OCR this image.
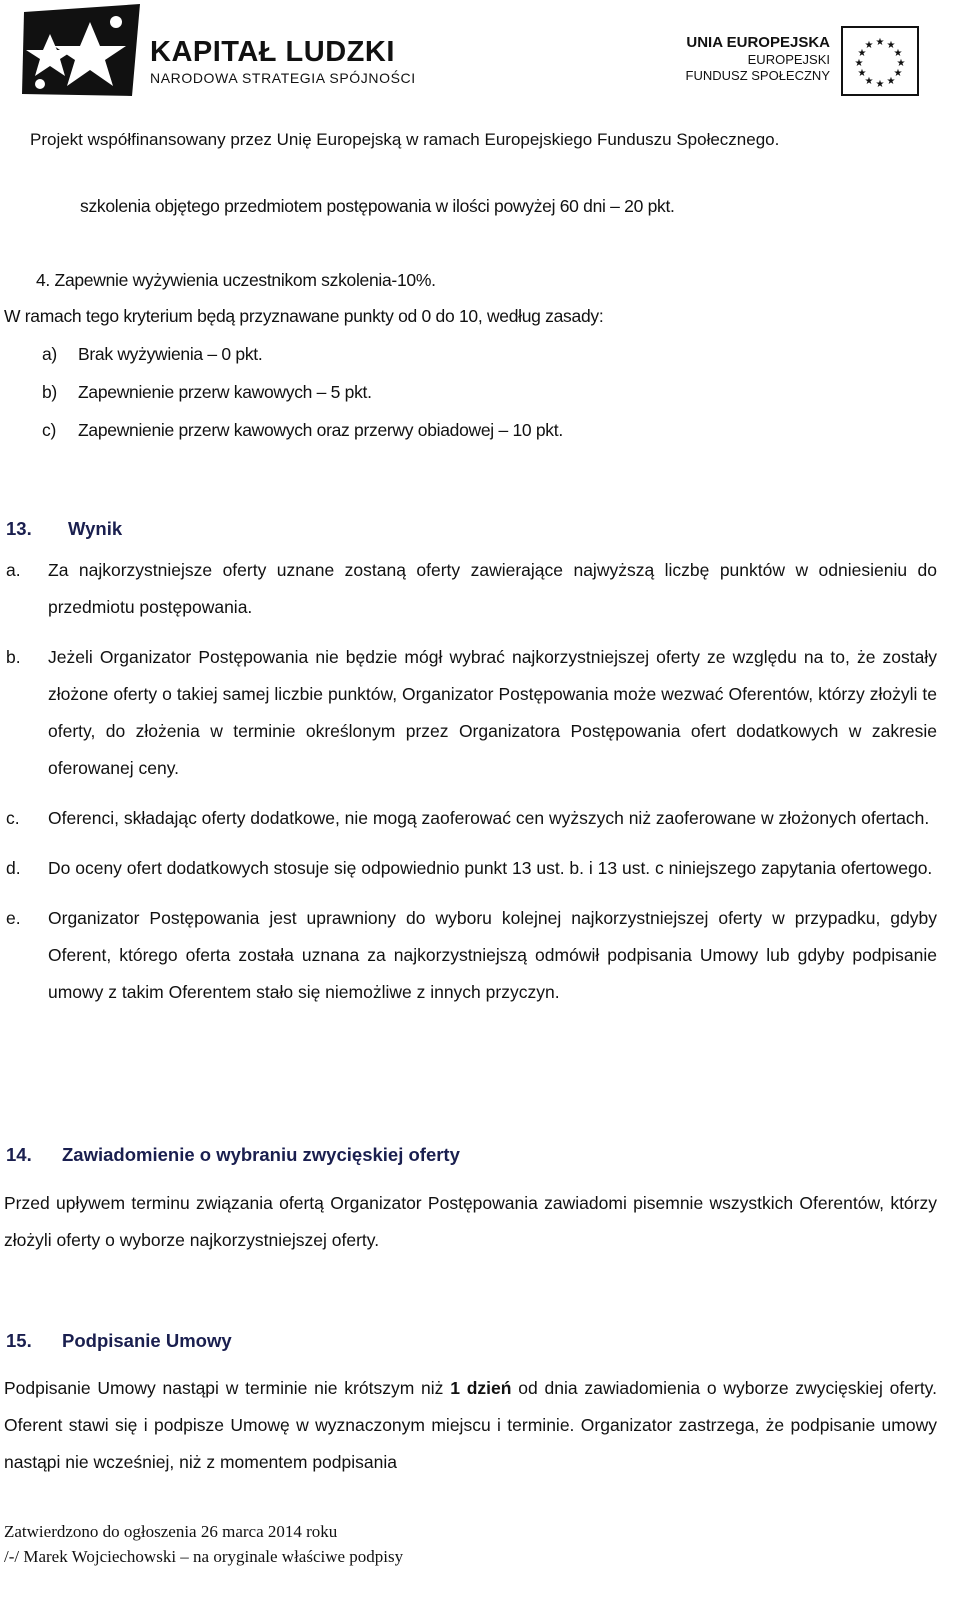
KAPITAŁ LUDZKI
NARODOWA STRATEGIA SPÓJNOŚCI
UNIA EUROPEJSKA
EUROPEJSKI
FUNDUSZ SPOŁECZNY
★ ★
★
★
★
★
★
★
★
★
★
★
Projekt współfinansowany przez Unię Europejską w ramach Europejskiego Funduszu Społecznego.
szkolenia objętego przedmiotem postępowania w ilości powyżej 60 dni – 20 pkt.
4. Zapewnie wyżywienia uczestnikom szkolenia-10%.
W ramach tego kryterium będą przyznawane punkty od 0 do 10, według zasady:
a) Brak wyżywienia – 0 pkt.
b) Zapewnienie przerw kawowych – 5 pkt.
c) Zapewnienie przerw kawowych oraz przerwy obiadowej – 10 pkt.
13. Wynik
a. Za najkorzystniejsze oferty uznane zostaną oferty zawierające najwyższą liczbę punktów w odniesieniu do przedmiotu postępowania.
b. Jeżeli Organizator Postępowania nie będzie mógł wybrać najkorzystniejszej oferty ze względu na to, że zostały złożone oferty o takiej samej liczbie punktów, Organizator Postępowania może wezwać Oferentów, którzy złożyli te oferty, do złożenia w terminie określonym przez Organizatora Postępowania ofert dodatkowych w zakresie oferowanej ceny.
c. Oferenci, składając oferty dodatkowe, nie mogą zaoferować cen wyższych niż zaoferowane w złożonych ofertach.
d. Do oceny ofert dodatkowych stosuje się odpowiednio punkt 13 ust. b. i 13 ust. c niniejszego zapytania ofertowego.
e. Organizator Postępowania jest uprawniony do wyboru kolejnej najkorzystniejszej oferty w przypadku, gdyby Oferent, którego oferta została uznana za najkorzystniejszą odmówił podpisania Umowy lub gdyby podpisanie umowy z takim Oferentem stało się niemożliwe z innych przyczyn.
14. Zawiadomienie o wybraniu zwycięskiej oferty
Przed upływem terminu związania ofertą Organizator Postępowania zawiadomi pisemnie wszystkich Oferentów, którzy złożyli oferty o wyborze najkorzystniejszej oferty.
15. Podpisanie Umowy
Podpisanie Umowy nastąpi w terminie nie krótszym niż 1 dzień od dnia zawiadomienia o wyborze zwycięskiej oferty. Oferent stawi się i podpisze Umowę w wyznaczonym miejscu i terminie. Organizator zastrzega, że podpisanie umowy nastąpi nie wcześniej, niż z momentem podpisania
Zatwierdzono do ogłoszenia 26 marca 2014 roku
/-/ Marek Wojciechowski – na oryginale właściwe podpisy
